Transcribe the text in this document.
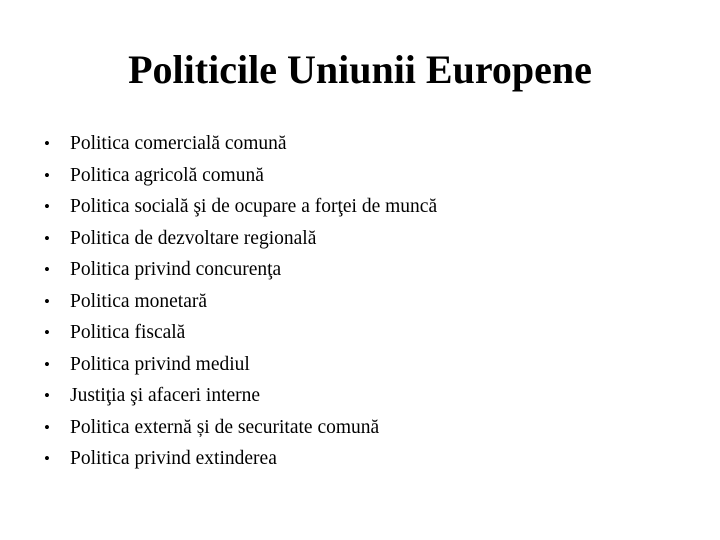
Politicile Uniunii Europene
•	Politica comercială comună
•	Politica agricolă comună
•	Politica socială şi de ocupare a forţei de muncă
•	Politica de dezvoltare regională
•	Politica privind concurenţa
•	Politica monetară
•	Politica fiscală
•	Politica privind mediul
•	Justiţia şi afaceri interne
•	Politica externă și de securitate comună
•	Politica privind extinderea
